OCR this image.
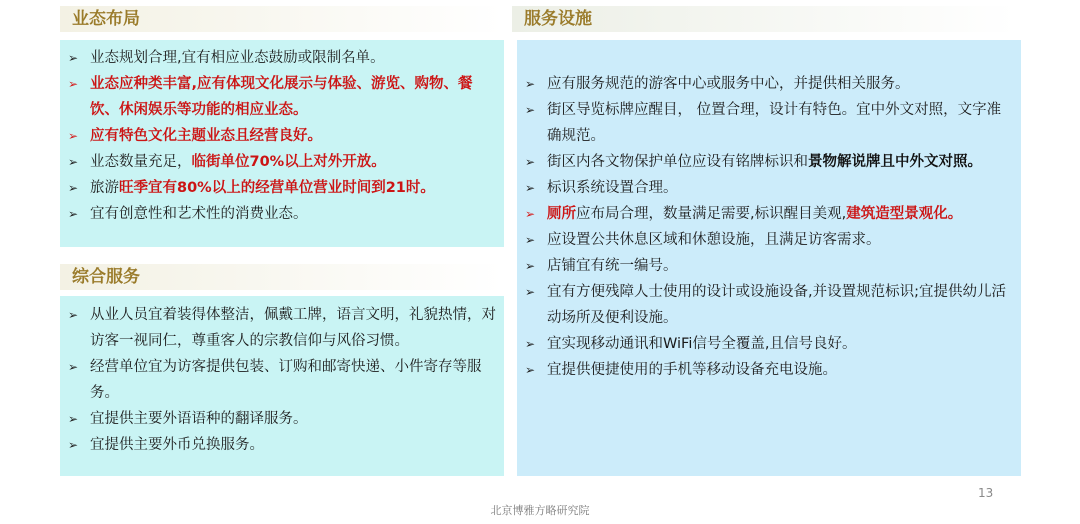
业态布局
➢ 业态规划合理,宜有相应业态鼓励或限制名单。
➢ 业态应种类丰富,应有体现文化展示与体验、游览、购物、餐饮、休闲娱乐等功能的相应业态。
➢ 应有特色文化主题业态且经营良好。
➢ 业态数量充足，临街单位70%以上对外开放。
➢ 旅游旺季宜有80%以上的经营单位营业时间到21时。
➢ 宜有创意性和艺术性的消费业态。
综合服务
➢ 从业人员宜着装得体整洁，佩戴工牌，语言文明，礼貌热情，对访客一视同仁，尊重客人的宗教信仰与风俗习惯。
➢ 经营单位宜为访客提供包装、订购和邮寄快递、小件寄存等服务。
➢ 宜提供主要外语语种的翻译服务。
➢ 宜提供主要外币兑换服务。
服务设施
➢ 应有服务规范的游客中心或服务中心，并提供相关服务。
➢ 街区导览标牌应醒目， 位置合理，设计有特色。宜中外文对照，文字准确规范。
➢ 街区内各文物保护单位应设有铭牌标识和景物解说牌且中外文对照。
➢ 标识系统设置合理。
➢ 厕所应布局合理，数量满足需要,标识醒目美观,建筑造型景观化。
➢ 应设置公共休息区域和休憩设施，且满足访客需求。
➢ 店铺宜有统一编号。
➢ 宜有方便残障人士使用的设计或设施设备,并设置规范标识;宜提供幼儿活动场所及便利设施。
➢ 宜实现移动通讯和WiFi信号全覆盖,且信号良好。
➢ 宜提供便捷使用的手机等移动设备充电设施。
13
北京博雅方略研究院
